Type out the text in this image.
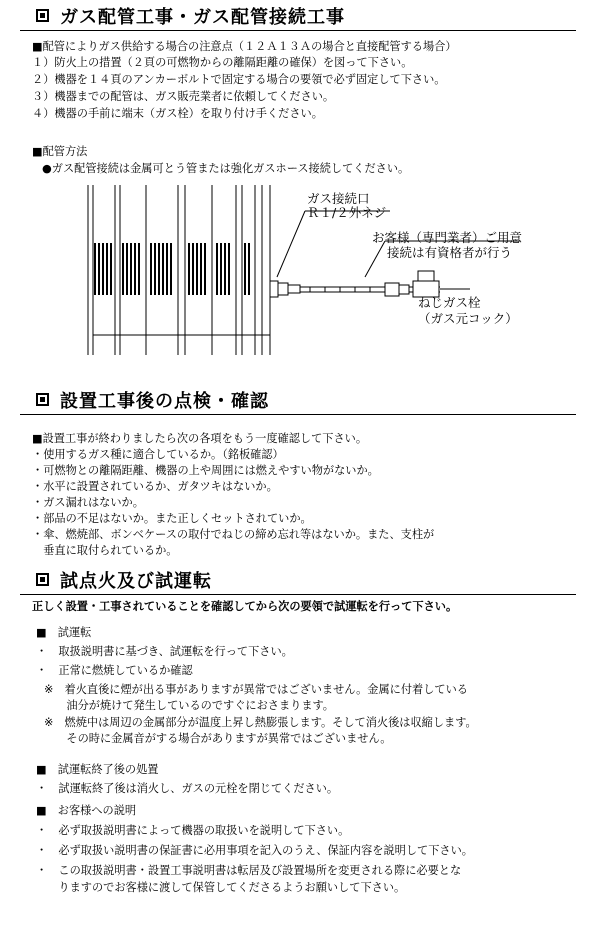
ガス配管工事・ガス配管接続工事
■配管によりガス供給する場合の注意点（１２Ａ１３Ａの場合と直接配管する場合）
１）防火上の措置（２頁の可燃物からの離隔距離の確保）を図って下さい。
２）機器を１４頁のアンカーボルトで固定する場合の要領で必ず固定して下さい。
３）機器までの配管は、ガス販売業者に依頼してください。
４）機器の手前に端末（ガス栓）を取り付け手ください。
■配管方法
●ガス配管接続は金属可とう管または強化ガスホース接続してください。
ガス接続口
Ｒ１/２外ネジ
お客様（専門業者）ご用意
接続は有資格者が行う
ねじガス栓
（ガス元コック）
設置工事後の点検・確認
■設置工事が終わりましたら次の各項をもう一度確認して下さい。
・使用するガス種に適合しているか。（銘板確認）
・可燃物との離隔距離、機器の上や周囲には燃えやすい物がないか。
・水平に設置されているか、ガタツキはないか。
・ガス漏れはないか。
・部品の不足はないか。また正しくセットされていか。
・傘、燃焼部、ボンベケースの取付でねじの締め忘れ等はないか。また、支柱が
　垂直に取付られているか。
試点火及び試運転
正しく設置・工事されていることを確認してから次の要領で試運転を行って下さい。
■　試運転
・　取扱説明書に基づき、試運転を行って下さい。
・　正常に燃焼しているか確認
※　着火直後に煙が出る事がありますが異常ではございません。金属に付着している
　　油分が焼けて発生しているのですぐにおさまります。
※　燃焼中は周辺の金属部分が温度上昇し熱膨張します。そして消火後は収縮します。
　　その時に金属音がする場合がありますが異常ではございません。
■　試運転終了後の処置
・　試運転終了後は消火し、ガスの元栓を閉じてください。
■　お客様への説明
・　必ず取扱説明書によって機器の取扱いを説明して下さい。
・　必ず取扱い説明書の保証書に必用事項を記入のうえ、保証内容を説明して下さい。
・　この取扱説明書・設置工事説明書は転居及び設置場所を変更される際に必要とな
　　りますのでお客様に渡して保管してくださるようお願いして下さい。
